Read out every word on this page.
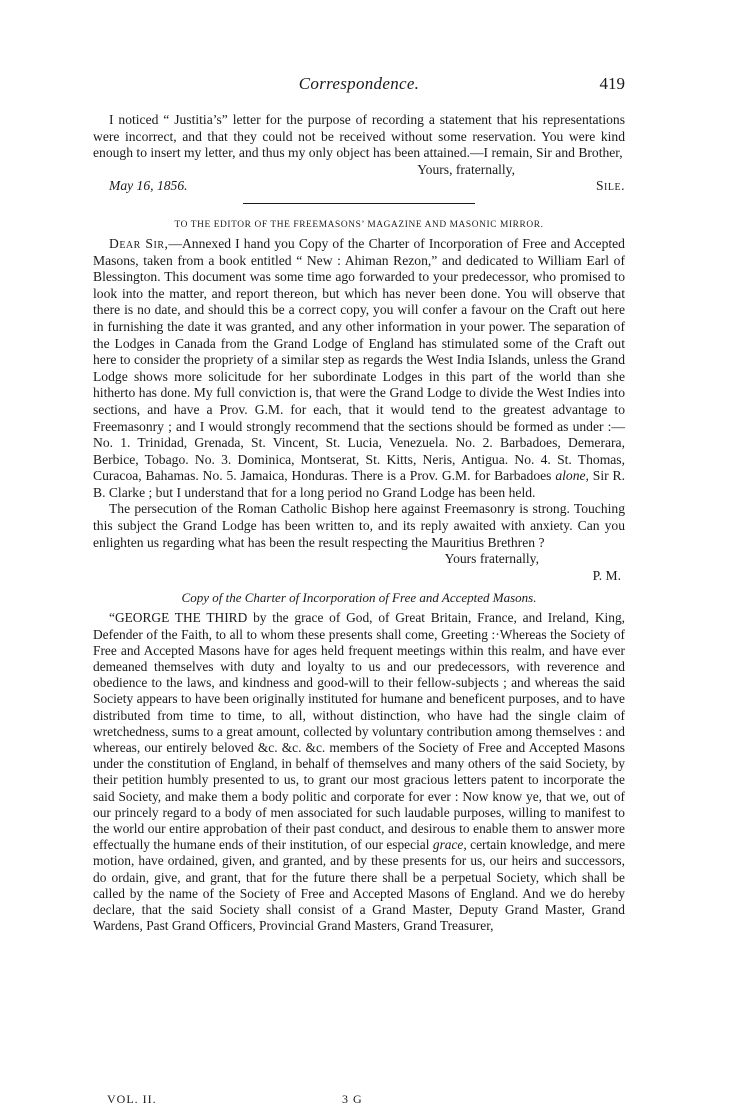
Correspondence.	419

I noticed “ Justitia’s” letter for the purpose of recording a statement that his representations were incorrect, and that they could not be received without some reservation. You were kind enough to insert my letter, and thus my only object has been attained.—I remain, Sir and Brother,

Yours, fraternally,
May 16, 1856.	Sile.
TO THE EDITOR OF THE FREEMASONS’ MAGAZINE AND MASONIC MIRROR.

Dear Sir,—Annexed I hand you Copy of the Charter of Incorporation of Free and Accepted Masons, taken from a book entitled “ New : Ahiman Rezon,” and dedicated to William Earl of Blessington. This document was some time ago forwarded to your predecessor, who promised to look into the matter, and report thereon, but which has never been done. You will observe that there is no date, and should this be a correct copy, you will confer a favour on the Craft out here in furnishing the date it was granted, and any other information in your power. The separation of the Lodges in Canada from the Grand Lodge of England has stimulated some of the Craft out here to consider the propriety of a similar step as regards the West India Islands, unless the Grand Lodge shows more solicitude for her subordinate Lodges in this part of the world than she hitherto has done. My full conviction is, that were the Grand Lodge to divide the West Indies into sections, and have a Prov. G.M. for each, that it would tend to the greatest advantage to Freemasonry ; and I would strongly recommend that the sections should be formed as under :—No. 1. Trinidad, Grenada, St. Vincent, St. Lucia, Venezuela. No. 2. Barbadoes, Demerara, Berbice, Tobago. No. 3. Dominica, Montserat, St. Kitts, Neris, Antigua. No. 4. St. Thomas, Curacoa, Bahamas. No. 5. Jamaica, Honduras. There is a Prov. G.M. for Barbadoes alone, Sir R. B. Clarke ; but I understand that for a long period no Grand Lodge has been held.

The persecution of the Roman Catholic Bishop here against Freemasonry is strong. Touching this subject the Grand Lodge has been written to, and its reply awaited with anxiety. Can you enlighten us regarding what has been the result respecting the Mauritius Brethren ?

Yours fraternally,
P. M.
Copy of the Charter of Incorporation of Free and Accepted Masons.

“GEORGE THE THIRD by the grace of God, of Great Britain, France, and Ireland, King, Defender of the Faith, to all to whom these presents shall come, Greeting :·Whereas the Society of Free and Accepted Masons have for ages held frequent meetings within this realm, and have ever demeaned themselves with duty and loyalty to us and our predecessors, with reverence and obedience to the laws, and kindness and good-will to their fellow-subjects ; and whereas the said Society appears to have been originally instituted for humane and beneficent purposes, and to have distributed from time to time, to all, without distinction, who have had the single claim of wretchedness, sums to a great amount, collected by voluntary contribution among themselves : and whereas, our entirely beloved &c. &c. &c. members of the Society of Free and Accepted Masons under the constitution of England, in behalf of themselves and many others of the said Society, by their petition humbly presented to us, to grant our most gracious letters patent to incorporate the said Society, and make them a body politic and corporate for ever : Now know ye, that we, out of our princely regard to a body of men associated for such laudable purposes, willing to manifest to the world our entire approbation of their past conduct, and desirous to enable them to answer more effectually the humane ends of their institution, of our especial grace, certain knowledge, and mere motion, have ordained, given, and granted, and by these presents for us, our heirs and successors, do ordain, give, and grant, that for the future there shall be a perpetual Society, which shall be called by the name of the Society of Free and Accepted Masons of England. And we do hereby declare, that the said Society shall consist of a Grand Master, Deputy Grand Master, Grand Wardens, Past Grand Officers, Provincial Grand Masters, Grand Treasurer,

VOL. II.	3 G
